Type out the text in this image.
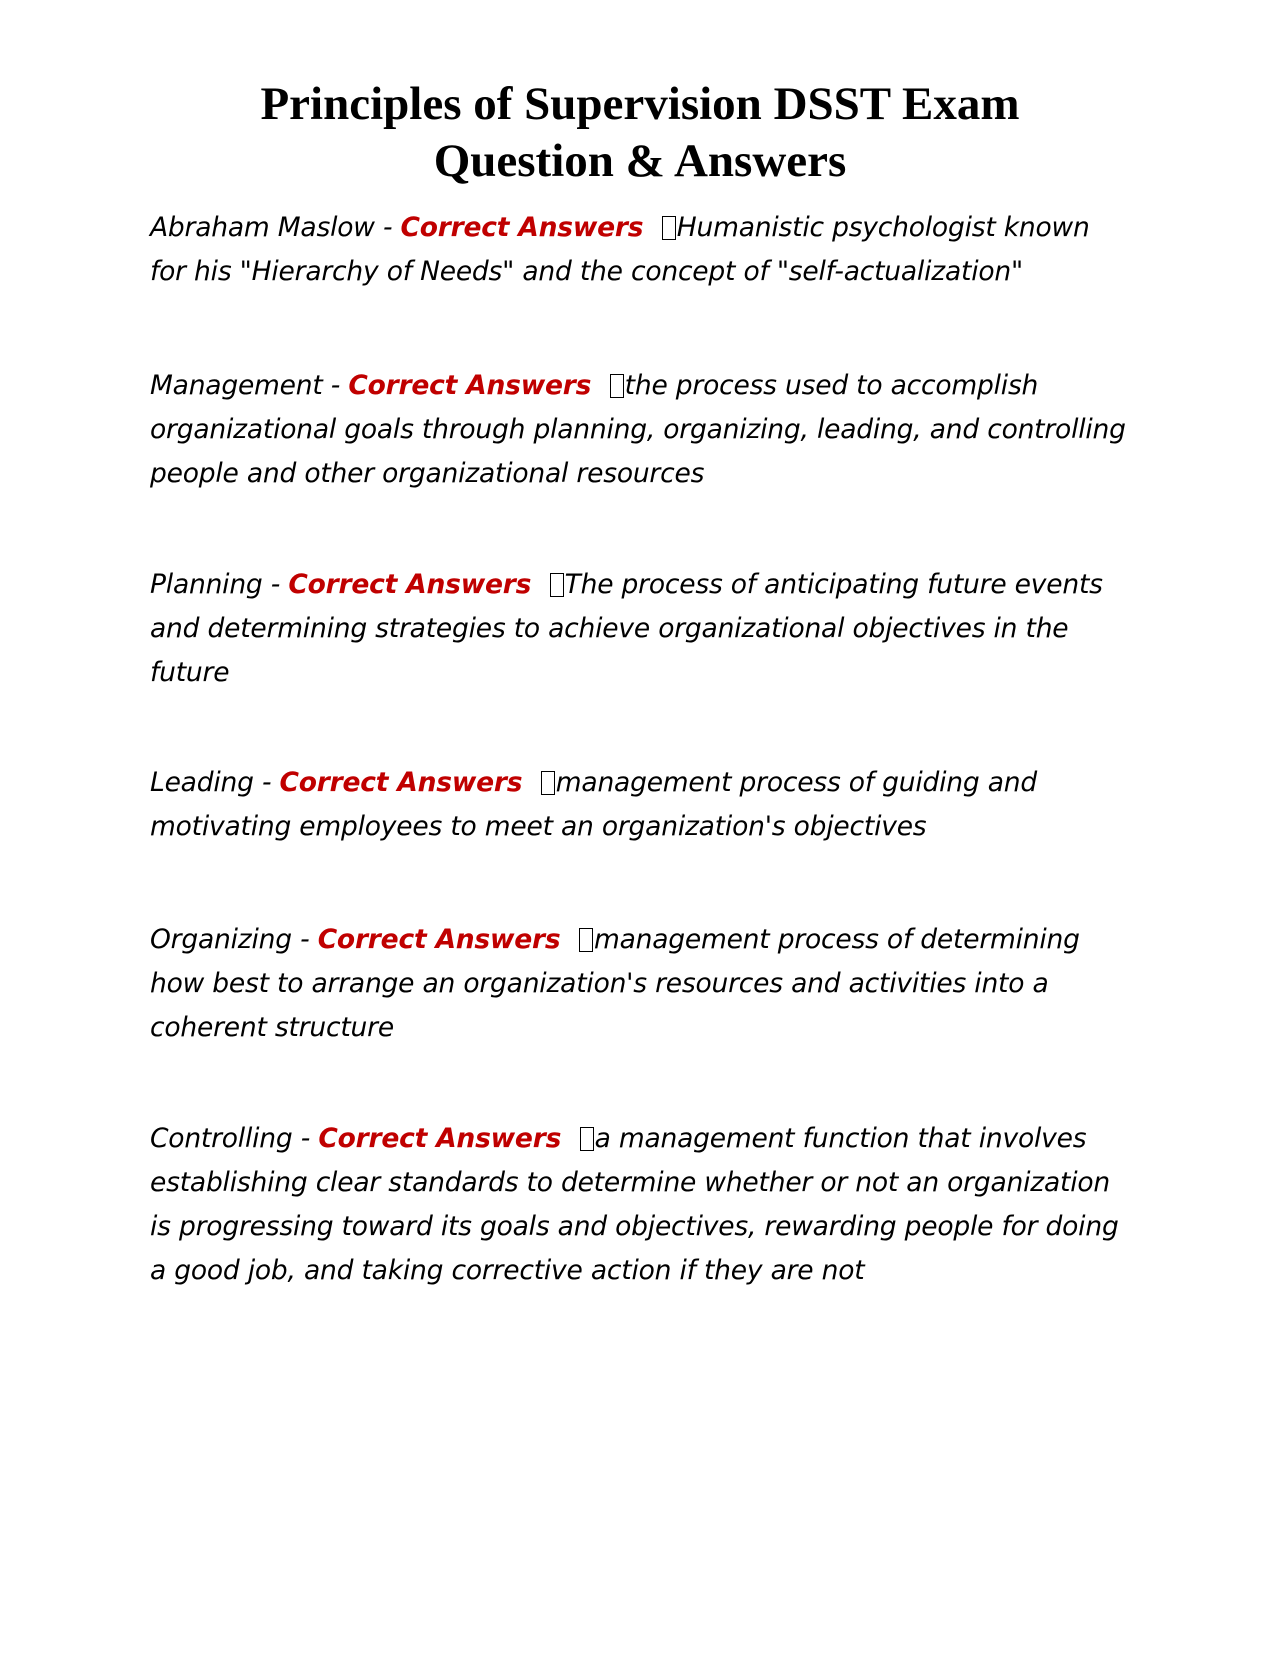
Principles of Supervision DSST Exam
Question & Answers

Abraham Maslow - Correct Answers Humanistic psychologist known for his "Hierarchy of Needs" and the concept of "self-actualization"

Management - Correct Answers the process used to accomplish organizational goals through planning, organizing, leading, and controlling people and other organizational resources

Planning - Correct Answers The process of anticipating future events and determining strategies to achieve organizational objectives in the future

Leading - Correct Answers management process of guiding and motivating employees to meet an organization's objectives

Organizing - Correct Answers management process of determining how best to arrange an organization's resources and activities into a coherent structure

Controlling - Correct Answers a management function that involves establishing clear standards to determine whether or not an organization is progressing toward its goals and objectives, rewarding people for doing a good job, and taking corrective action if they are not
